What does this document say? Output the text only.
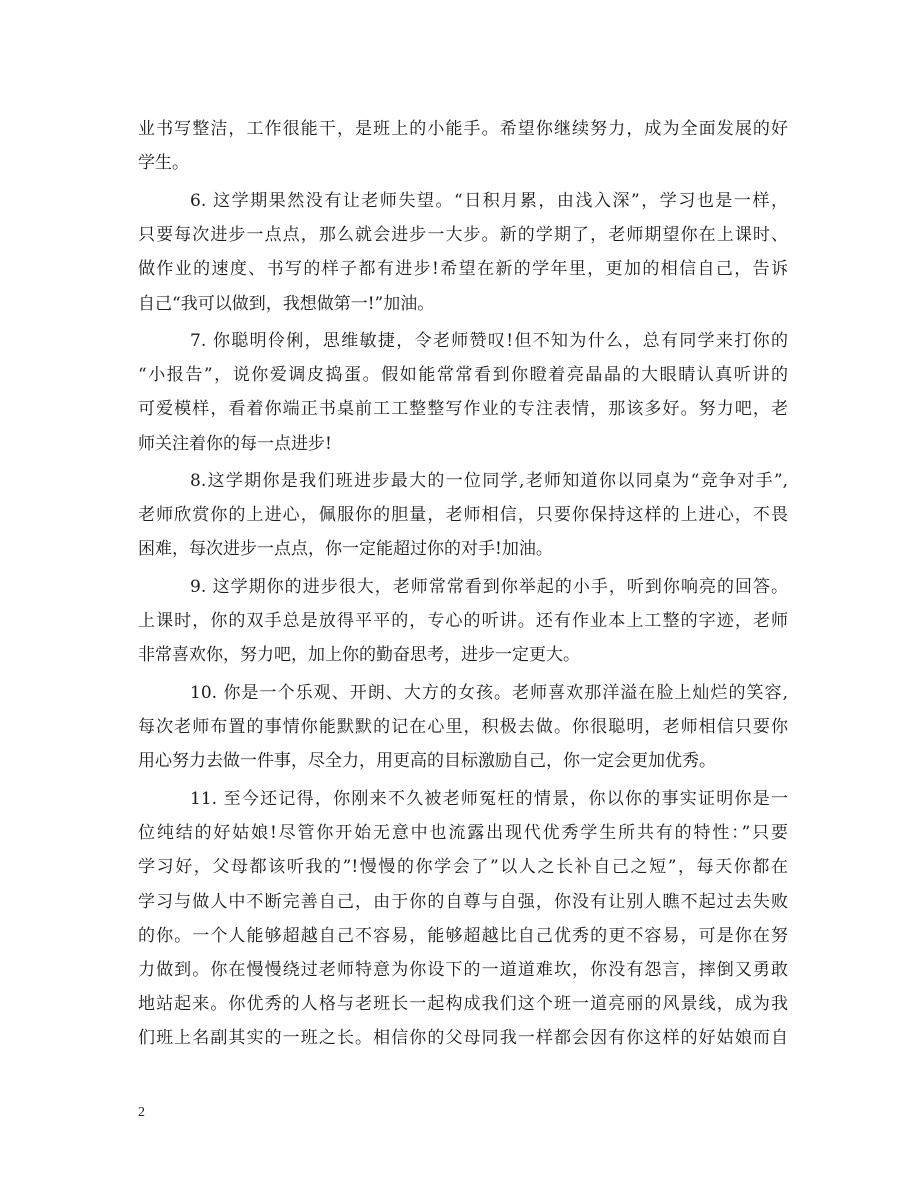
业书写整洁，工作很能干，是班上的小能手。希望你继续努力，成为全面发展的好
学生。
6. 这学期果然没有让老师失望。“日积月累，由浅入深”，学习也是一样，
只要每次进步一点点，那么就会进步一大步。新的学期了，老师期望你在上课时、
做作业的速度、书写的样子都有进步!希望在新的学年里，更加的相信自己，告诉
自己“我可以做到，我想做第一!”加油。
7. 你聪明伶俐，思维敏捷，令老师赞叹!但不知为什么，总有同学来打你的
“小报告”，说你爱调皮捣蛋。假如能常常看到你瞪着亮晶晶的大眼睛认真听讲的
可爱模样，看着你端正书桌前工工整整写作业的专注表情，那该多好。努力吧，老
师关注着你的每一点进步!
8.这学期你是我们班进步最大的一位同学,老师知道你以同桌为“竞争对手”,
老师欣赏你的上进心，佩服你的胆量，老师相信，只要你保持这样的上进心，不畏
困难，每次进步一点点，你一定能超过你的对手!加油。
9. 这学期你的进步很大，老师常常看到你举起的小手，听到你响亮的回答。
上课时，你的双手总是放得平平的，专心的听讲。还有作业本上工整的字迹，老师
非常喜欢你，努力吧，加上你的勤奋思考，进步一定更大。
10. 你是一个乐观、开朗、大方的女孩。老师喜欢那洋溢在脸上灿烂的笑容,
每次老师布置的事情你能默默的记在心里，积极去做。你很聪明，老师相信只要你
用心努力去做一件事，尽全力，用更高的目标激励自己，你一定会更加优秀。
11. 至今还记得，你刚来不久被老师冤枉的情景，你以你的事实证明你是一
位纯结的好姑娘!尽管你开始无意中也流露出现代优秀学生所共有的特性：”只要
学习好，父母都该听我的”!慢慢的你学会了”以人之长补自己之短”，每天你都在
学习与做人中不断完善自己，由于你的自尊与自强，你没有让别人瞧不起过去失败
的你。一个人能够超越自己不容易，能够超越比自己优秀的更不容易，可是你在努
力做到。你在慢慢绕过老师特意为你设下的一道道难坎，你没有怨言，摔倒又勇敢
地站起来。你优秀的人格与老班长一起构成我们这个班一道亮丽的风景线，成为我
们班上名副其实的一班之长。相信你的父母同我一样都会因有你这样的好姑娘而自
2
